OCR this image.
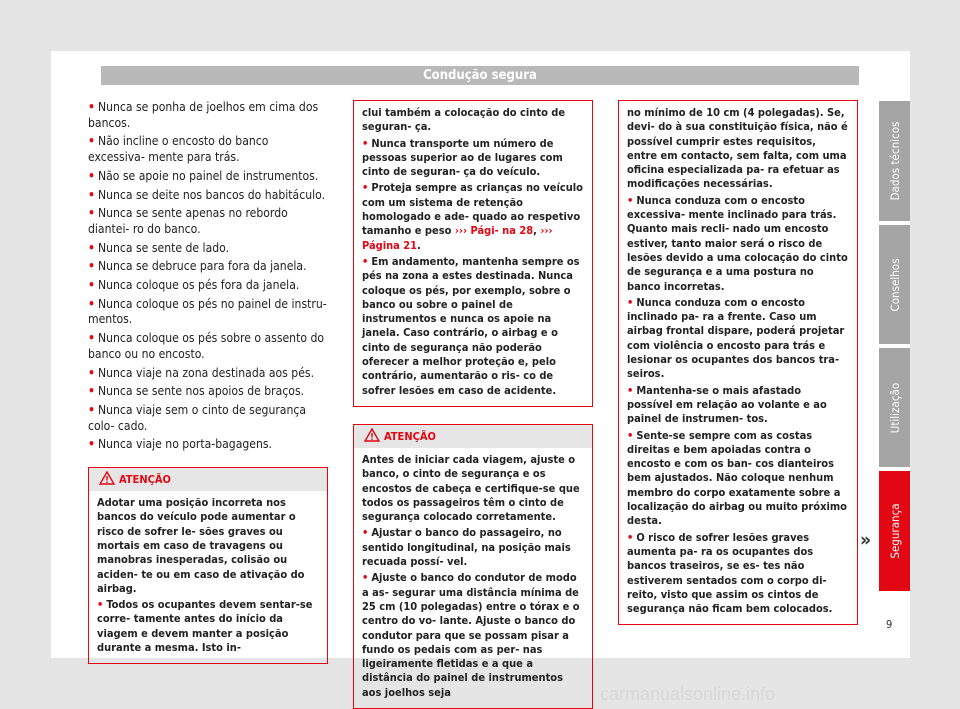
Condução segura

• Nunca se ponha de joelhos em cima dos bancos.

• Não incline o encosto do banco excessiva- mente para trás.

• Não se apoie no painel de instrumentos.

• Nunca se deite nos bancos do habitáculo.

• Nunca se sente apenas no rebordo diantei- ro do banco.

• Nunca se sente de lado.

• Nunca se debruce para fora da janela.

• Nunca coloque os pés fora da janela.

• Nunca coloque os pés no painel de instru- mentos.

• Nunca coloque os pés sobre o assento do banco ou no encosto.

• Nunca viaje na zona destinada aos pés.

• Nunca se sente nos apoios de braços.

• Nunca viaje sem o cinto de segurança colo- cado.

• Nunca viaje no porta-bagagens.

ATENÇÃO

Adotar uma posição incorreta nos bancos do veículo pode aumentar o risco de sofrer le- sões graves ou mortais em caso de travagens ou manobras inesperadas, colisão ou aciden- te ou em caso de ativação do airbag.

• Todos os ocupantes devem sentar-se corre- tamente antes do início da viagem e devem manter a posição durante a mesma. Isto in-

clui também a colocação do cinto de seguran- ça.

• Nunca transporte um número de pessoas superior ao de lugares com cinto de seguran- ça do veículo.

• Proteja sempre as crianças no veículo com um sistema de retenção homologado e ade- quado ao respetivo tamanho e peso ››› Pági- na 28, ››› Página 21.

• Em andamento, mantenha sempre os pés na zona a estes destinada. Nunca coloque os pés, por exemplo, sobre o banco ou sobre o painel de instrumentos e nunca os apoie na janela. Caso contrário, o airbag e o cinto de segurança não poderão oferecer a melhor proteção e, pelo contrário, aumentarão o ris- co de sofrer lesões em caso de acidente.

ATENÇÃO

Antes de iniciar cada viagem, ajuste o banco, o cinto de segurança e os encostos de cabeça e certifique-se que todos os passageiros têm o cinto de segurança colocado corretamente.

• Ajustar o banco do passageiro, no sentido longitudinal, na posição mais recuada possí- vel.

• Ajuste o banco do condutor de modo a as- segurar uma distância mínima de 25 cm (10 polegadas) entre o tórax e o centro do vo- lante. Ajuste o banco do condutor para que se possam pisar a fundo os pedais com as per- nas ligeiramente fletidas e a que a distância do painel de instrumentos aos joelhos seja

no mínimo de 10 cm (4 polegadas). Se, devi- do à sua constituição física, não é possível cumprir estes requisitos, entre em contacto, sem falta, com uma oficina especializada pa- ra efetuar as modificações necessárias.

• Nunca conduza com o encosto excessiva- mente inclinado para trás. Quanto mais recli- nado um encosto estiver, tanto maior será o risco de lesões devido a uma colocação do cinto de segurança e a uma postura no banco incorretas.

• Nunca conduza com o encosto inclinado pa- ra a frente. Caso um airbag frontal dispare, poderá projetar com violência o encosto para trás e lesionar os ocupantes dos bancos tra- seiros.

• Mantenha-se o mais afastado possível em relação ao volante e ao painel de instrumen- tos.

• Sente-se sempre com as costas direitas e bem apoiadas contra o encosto e com os ban- cos dianteiros bem ajustados. Não coloque nenhum membro do corpo exatamente sobre a localização do airbag ou muito próximo desta.

• O risco de sofrer lesões graves aumenta pa- ra os ocupantes dos bancos traseiros, se es- tes não estiverem sentados com o corpo di- reito, visto que assim os cintos de segurança não ficam bem colocados.

»
Dados técnicos
Conselhos
Utilização
Segurança
9
carmanualsonline.info
